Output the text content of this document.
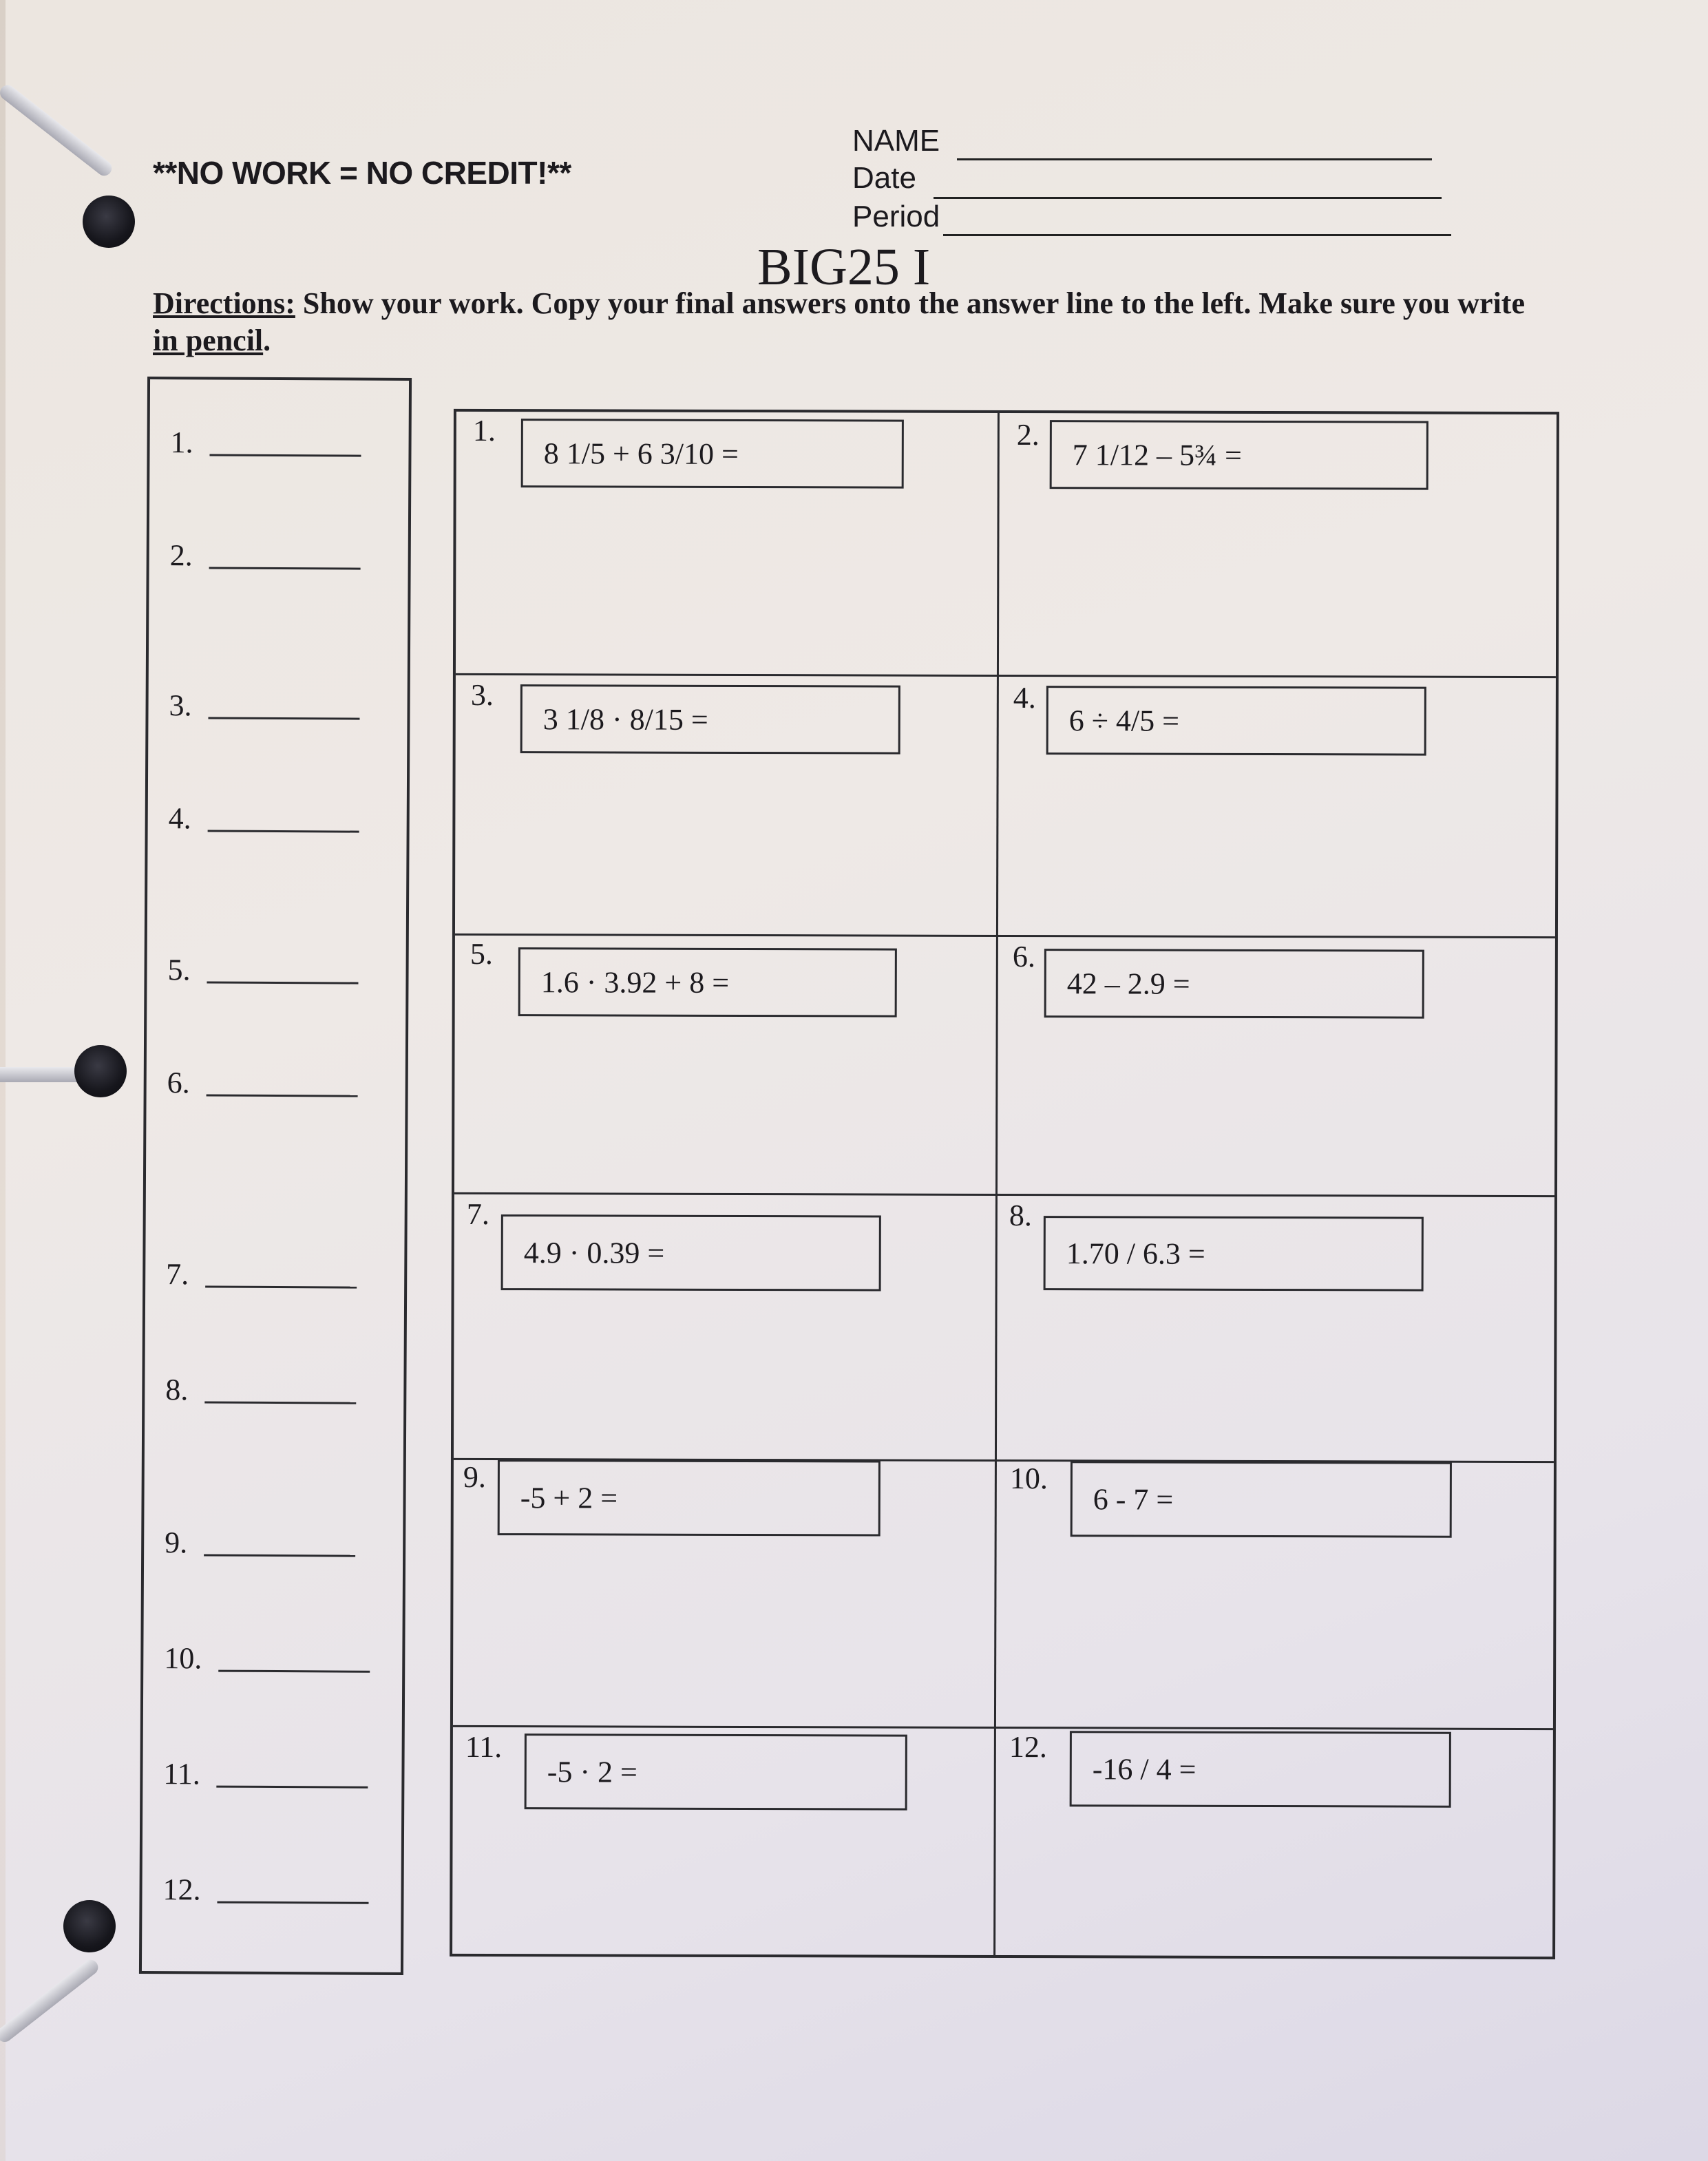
**NO WORK = NO CREDIT!**
NAME
Date
Period
BIG25 I
Directions: Show your work. Copy your final answers onto the answer line to the left. Make sure you write in pencil.
1.
2.
3.
4.
5.
6.
7.
8.
9.
10.
11.
12.
1.
8 1/5 + 6 3/10 =
2.
7 1/12 – 5¾ =
3.
3 1/8 · 8/15 =
4.
6 ÷ 4/5 =
5.
1.6 · 3.92 + 8 =
6.
42 – 2.9 =
7.
4.9 · 0.39 =
8.
1.70 / 6.3 =
9.
-5 + 2 =
10.
6 - 7 =
11.
-5 · 2 =
12.
-16 / 4 =
